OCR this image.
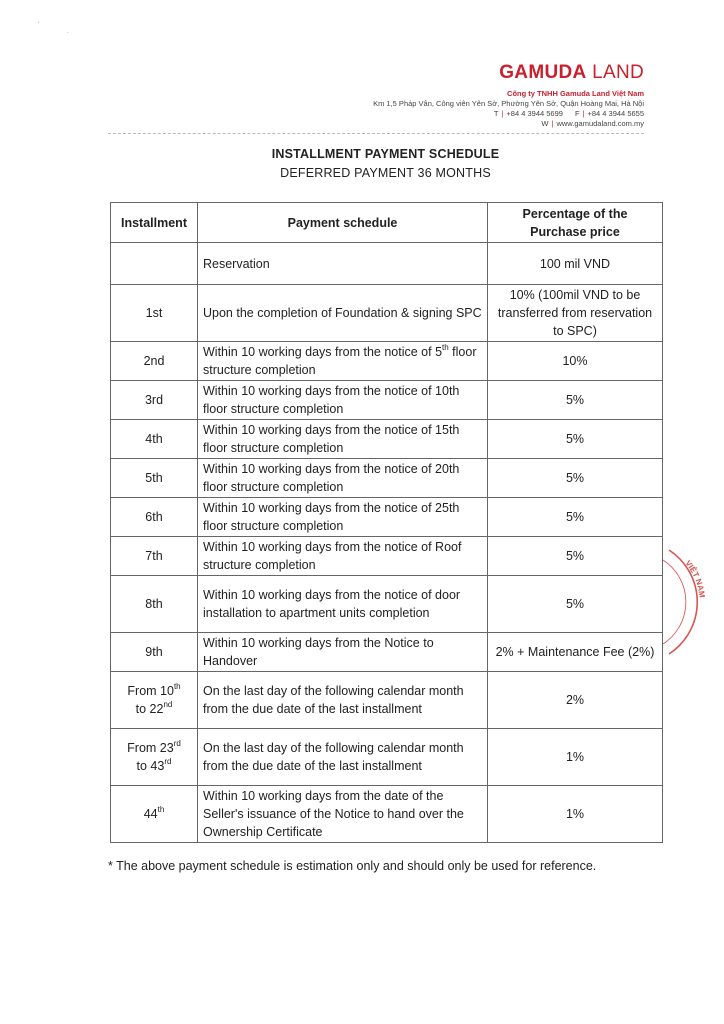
'
.
GAMUDA LAND
Công ty TNHH Gamuda Land Việt Nam
Km 1,5 Pháp Vân, Công viên Yên Sở, Phường Yên Sở, Quận Hoàng Mai, Hà Nội
T | +84 4 3944 5699 F | +84 4 3944 5655
W | www.gamudaland.com.my
INSTALLMENT PAYMENT SCHEDULE
DEFERRED PAYMENT 36 MONTHS
Installment	Payment schedule	Percentage of the Purchase price
	Reservation	100 mil VND
1st	Upon the completion of Foundation & signing SPC	10% (100mil VND to be transferred from reservation to SPC)
2nd	Within 10 working days from the notice of 5th floor structure completion	10%
3rd	Within 10 working days from the notice of 10th floor structure completion	5%
4th	Within 10 working days from the notice of 15th floor structure completion	5%
5th	Within 10 working days from the notice of 20th floor structure completion	5%
6th	Within 10 working days from the notice of 25th floor structure completion	5%
7th	Within 10 working days from the notice of Roof structure completion	5%
8th	Within 10 working days from the notice of door installation to apartment units completion	5%
9th	Within 10 working days from the Notice to Handover	2% + Maintenance Fee (2%)
From 10th
to 22nd	On the last day of the following calendar month from the due date of the last installment	2%
From 23rd
to 43rd	On the last day of the following calendar month from the due date of the last installment	1%
44th	Within 10 working days from the date of the Seller's issuance of the Notice to hand over the Ownership Certificate	1%
* The above payment schedule is estimation only and should only be used for reference.
VIỆT NAM
